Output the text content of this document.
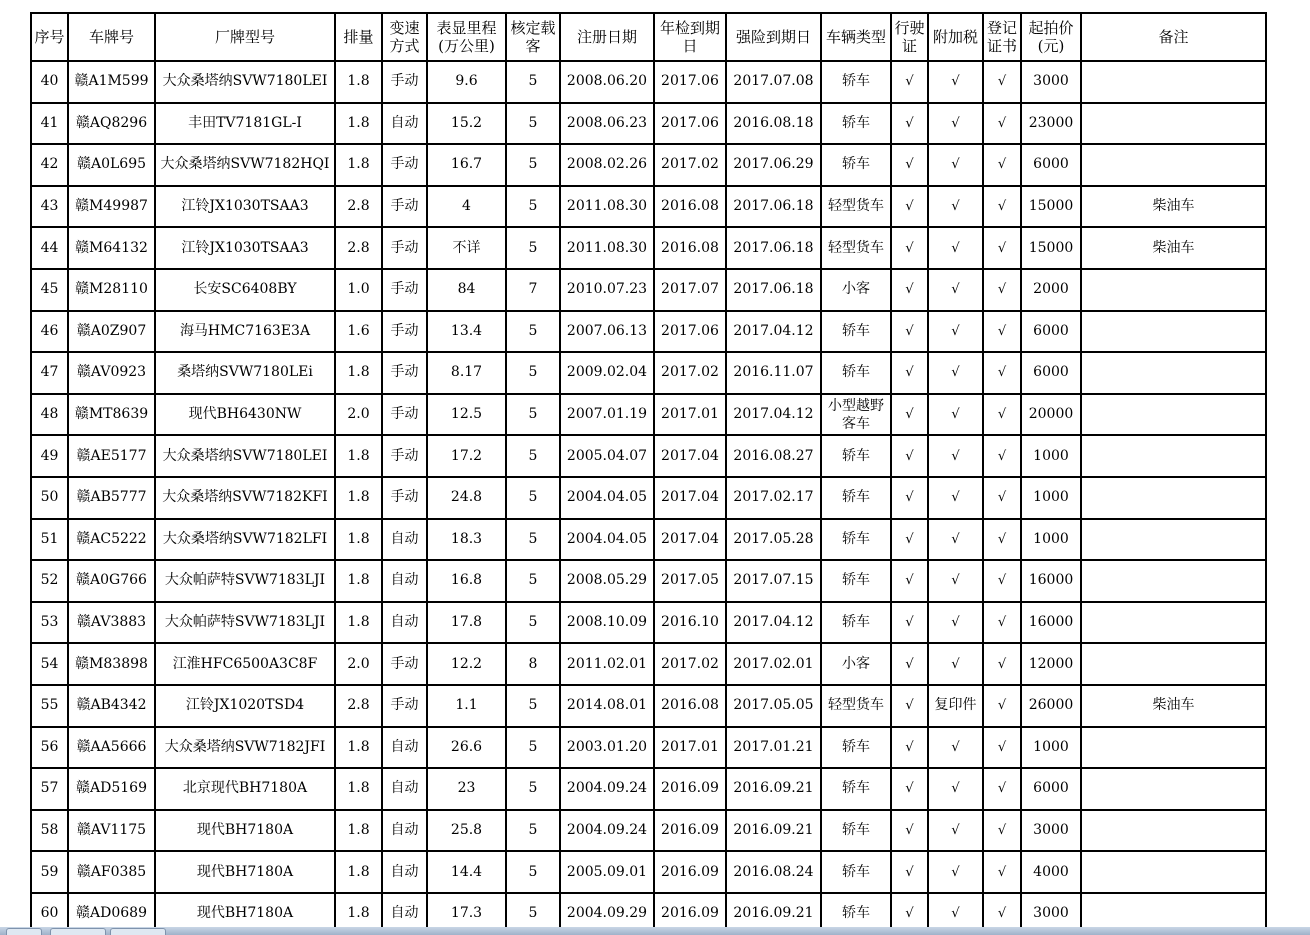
序号	车牌号	厂牌型号	排量	变速方式	表显里程(万公里)	核定载客	注册日期	年检到期日	强险到期日	车辆类型	行驶证	附加税	登记证书	起拍价(元)	备注
40	赣A1M599	大众桑塔纳SVW7180LEI	1.8	手动	9.6	5	2008.06.20	2017.06	2017.07.08	轿车	√	√	√	3000	
41	赣AQ8296	丰田TV7181GL-I	1.8	自动	15.2	5	2008.06.23	2017.06	2016.08.18	轿车	√	√	√	23000	
42	赣A0L695	大众桑塔纳SVW7182HQI	1.8	手动	16.7	5	2008.02.26	2017.02	2017.06.29	轿车	√	√	√	6000	
43	赣M49987	江铃JX1030TSAA3	2.8	手动	4	5	2011.08.30	2016.08	2017.06.18	轻型货车	√	√	√	15000	柴油车
44	赣M64132	江铃JX1030TSAA3	2.8	手动	不详	5	2011.08.30	2016.08	2017.06.18	轻型货车	√	√	√	15000	柴油车
45	赣M28110	长安SC6408BY	1.0	手动	84	7	2010.07.23	2017.07	2017.06.18	小客	√	√	√	2000	
46	赣A0Z907	海马HMC7163E3A	1.6	手动	13.4	5	2007.06.13	2017.06	2017.04.12	轿车	√	√	√	6000	
47	赣AV0923	桑塔纳SVW7180LEi	1.8	手动	8.17	5	2009.02.04	2017.02	2016.11.07	轿车	√	√	√	6000	
48	赣MT8639	现代BH6430NW	2.0	手动	12.5	5	2007.01.19	2017.01	2017.04.12	小型越野客车	√	√	√	20000	
49	赣AE5177	大众桑塔纳SVW7180LEI	1.8	手动	17.2	5	2005.04.07	2017.04	2016.08.27	轿车	√	√	√	1000	
50	赣AB5777	大众桑塔纳SVW7182KFI	1.8	手动	24.8	5	2004.04.05	2017.04	2017.02.17	轿车	√	√	√	1000	
51	赣AC5222	大众桑塔纳SVW7182LFI	1.8	自动	18.3	5	2004.04.05	2017.04	2017.05.28	轿车	√	√	√	1000	
52	赣A0G766	大众帕萨特SVW7183LJI	1.8	自动	16.8	5	2008.05.29	2017.05	2017.07.15	轿车	√	√	√	16000	
53	赣AV3883	大众帕萨特SVW7183LJI	1.8	自动	17.8	5	2008.10.09	2016.10	2017.04.12	轿车	√	√	√	16000	
54	赣M83898	江淮HFC6500A3C8F	2.0	手动	12.2	8	2011.02.01	2017.02	2017.02.01	小客	√	√	√	12000	
55	赣AB4342	江铃JX1020TSD4	2.8	手动	1.1	5	2014.08.01	2016.08	2017.05.05	轻型货车	√	复印件	√	26000	柴油车
56	赣AA5666	大众桑塔纳SVW7182JFI	1.8	自动	26.6	5	2003.01.20	2017.01	2017.01.21	轿车	√	√	√	1000	
57	赣AD5169	北京现代BH7180A	1.8	自动	23	5	2004.09.24	2016.09	2016.09.21	轿车	√	√	√	6000	
58	赣AV1175	现代BH7180A	1.8	自动	25.8	5	2004.09.24	2016.09	2016.09.21	轿车	√	√	√	3000	
59	赣AF0385	现代BH7180A	1.8	自动	14.4	5	2005.09.01	2016.09	2016.08.24	轿车	√	√	√	4000	
60	赣AD0689	现代BH7180A	1.8	自动	17.3	5	2004.09.29	2016.09	2016.09.21	轿车	√	√	√	3000	
